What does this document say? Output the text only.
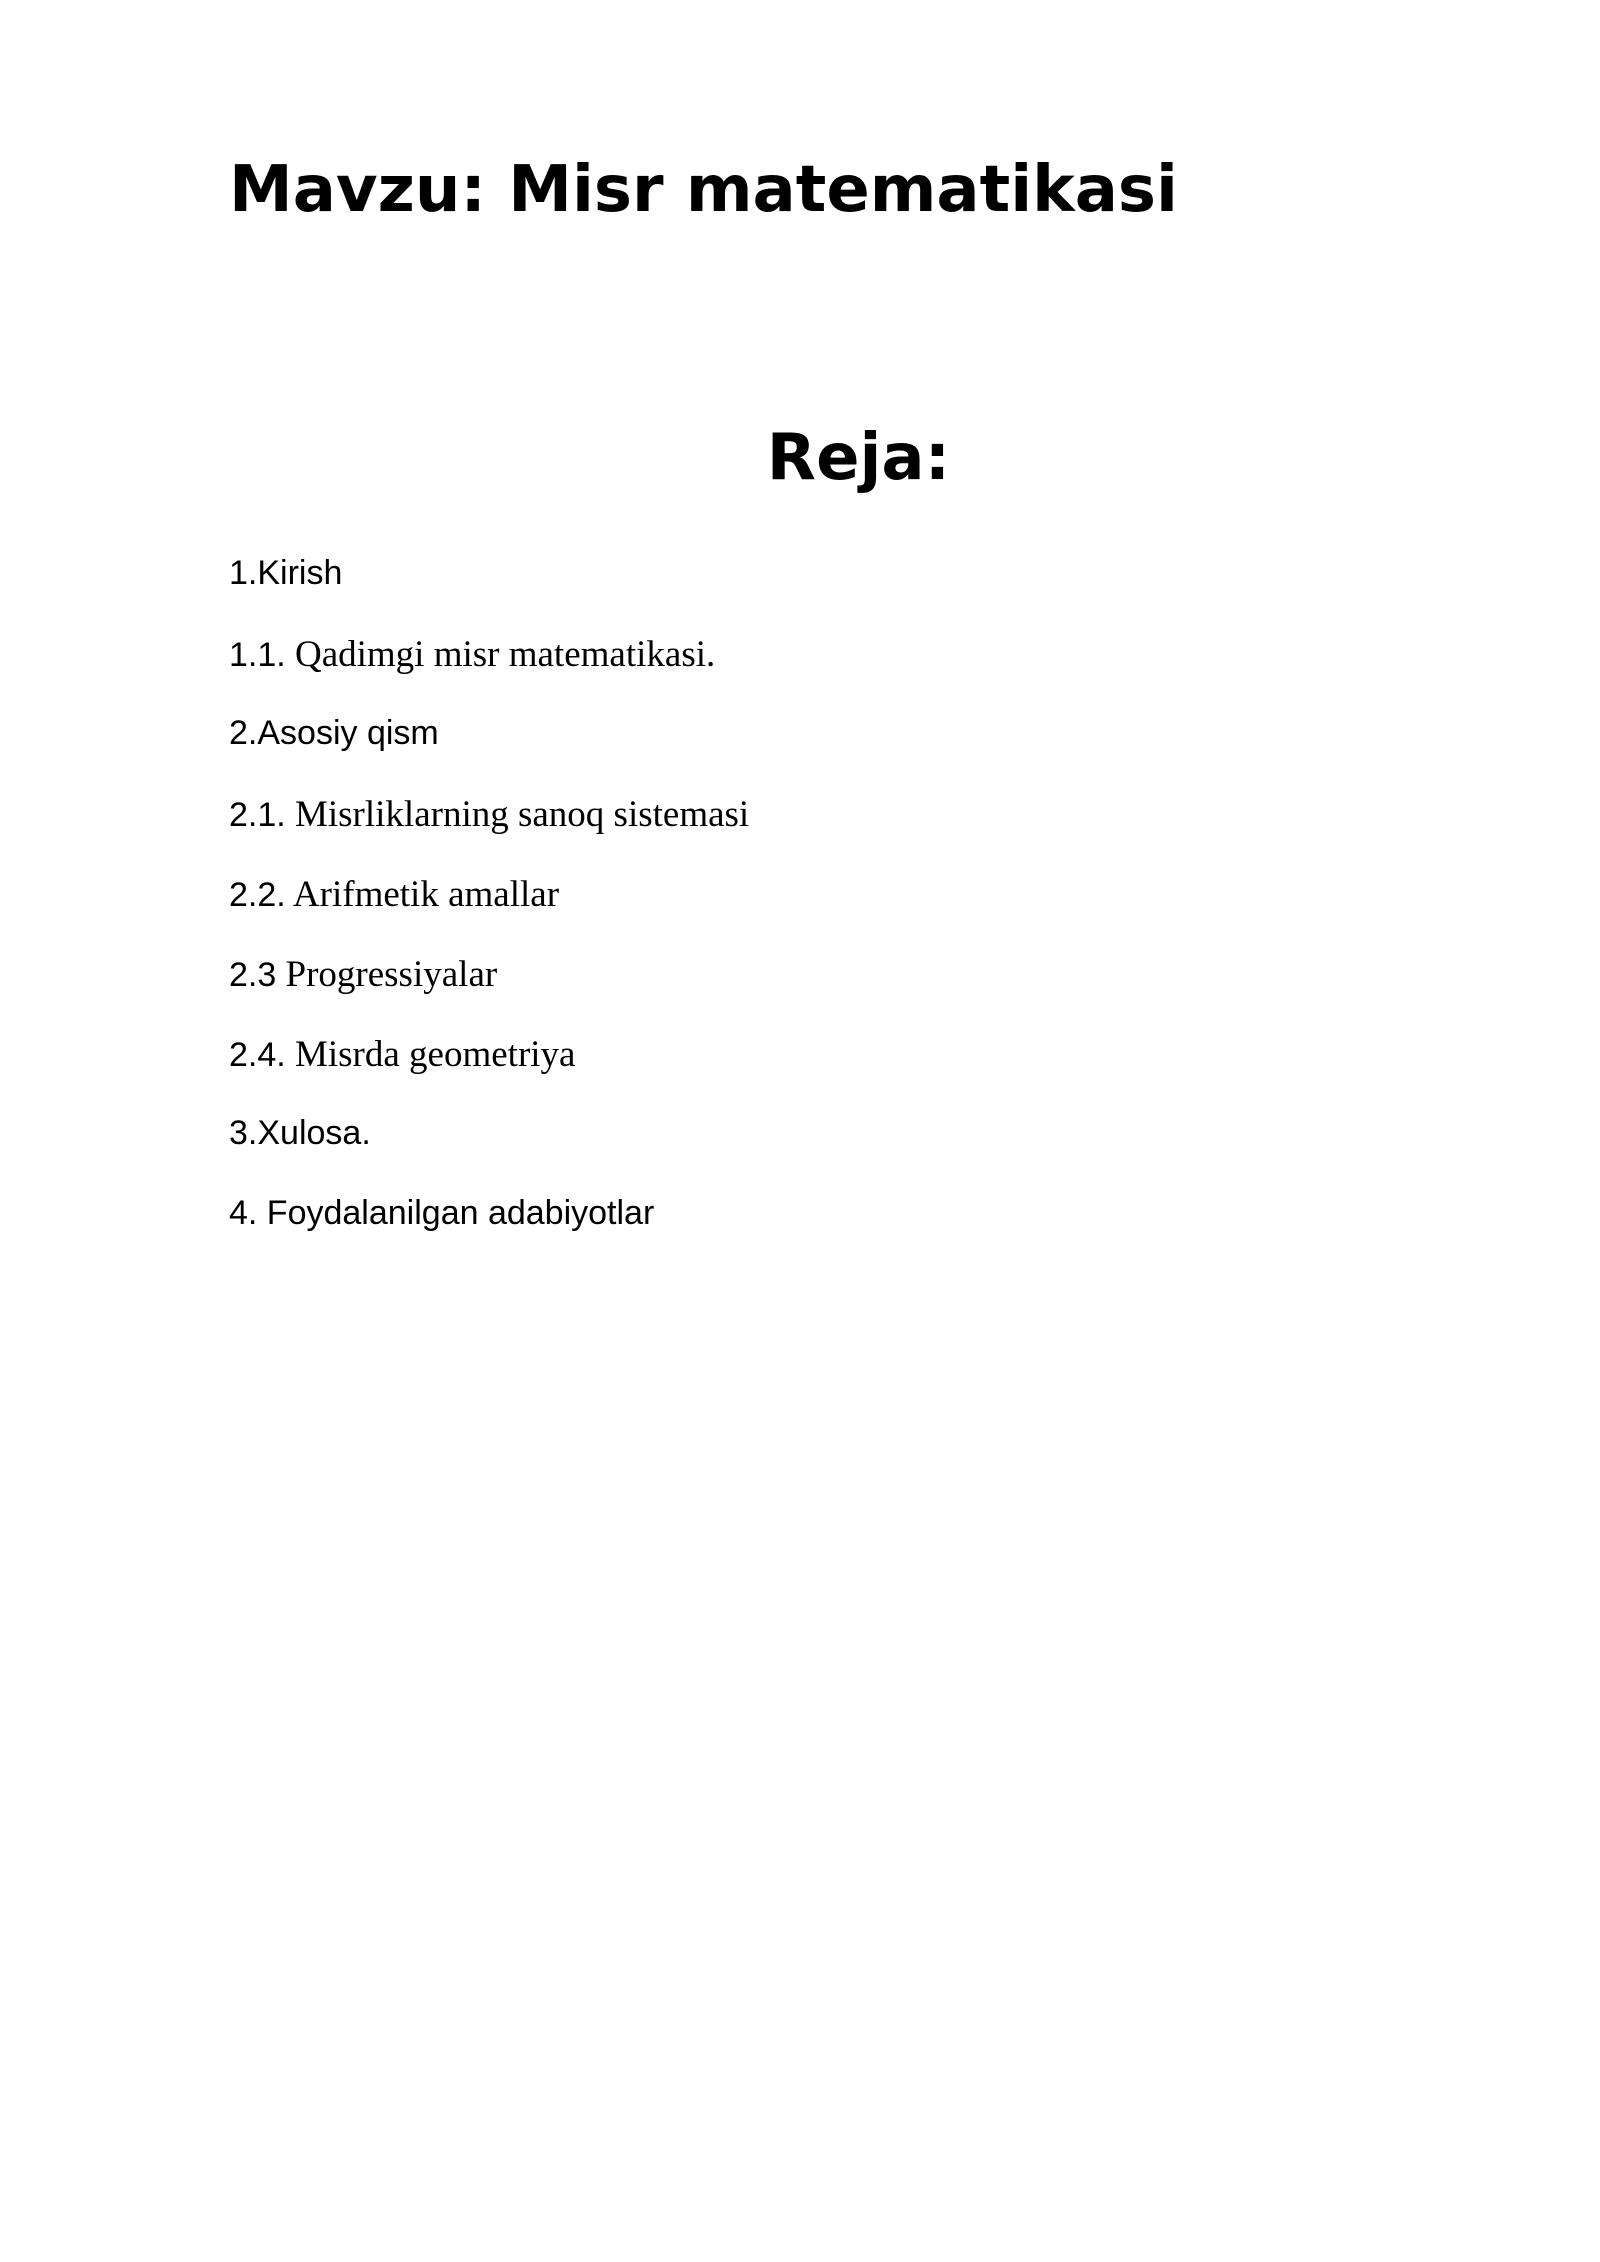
Mavzu: Misr matematikasi
Reja:
1.Kirish
1.1. Qadimgi misr matematikasi.
2.Asosiy qism
2.1. Misrliklarning sanoq sistemasi
2.2. Arifmetik amallar
2.3 Progressiyalar
2.4. Misrda geometriya
3.Xulosa.
4. Foydalanilgan adabiyotlar
